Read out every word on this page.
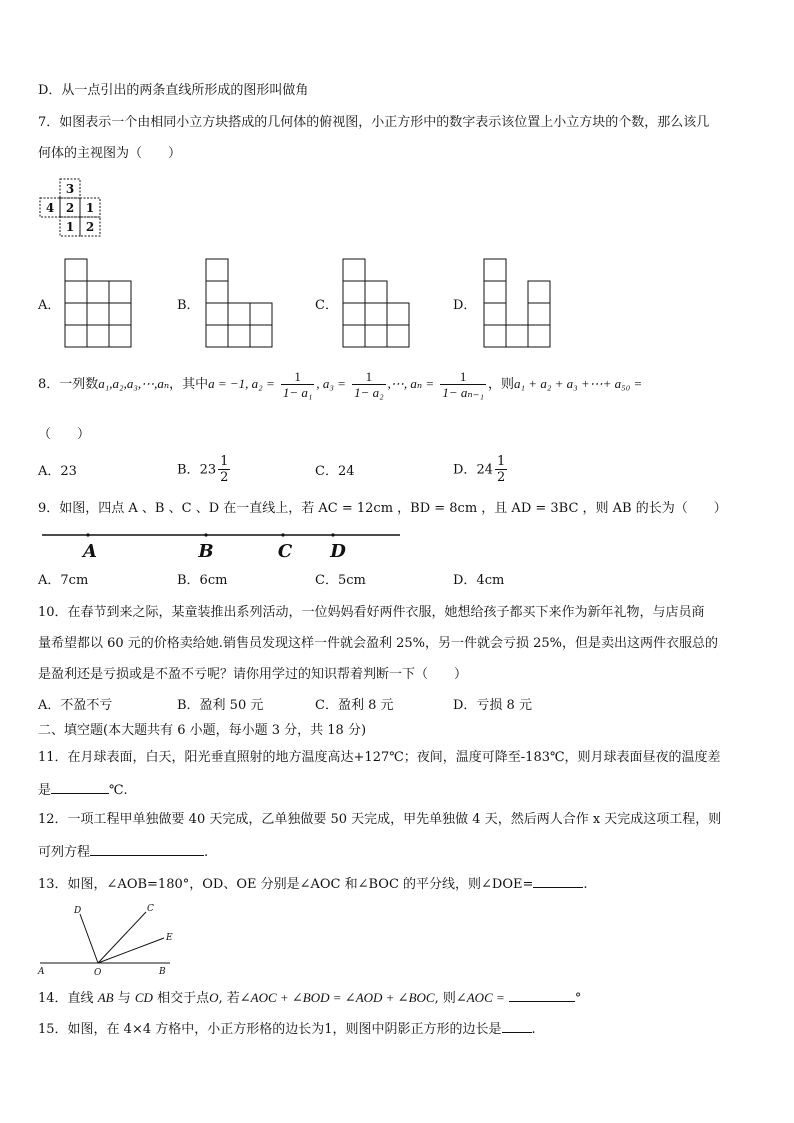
D．从一点引出的两条直线所形成的图形叫做角
7．如图表示一个由相同小立方块搭成的几何体的俯视图，小正方形中的数字表示该位置上小立方块的个数，那么该几
何体的主视图为（　　）
3
4 2 1
1 2
A．	B．	C．	D．
8．一列数a₁,a₂,a₃,⋯,aₙ，其中a = −1, $a_2 = \frac{1}{\text{1− a₁}}$ , $a_3 = \frac{1}{\text{1− a₂}}$ ,⋯, $a_n = \frac{1}{\text{1− aₙ₋₁}}$ ，则a₁ + a₂ + a₃ +⋯+ a₅₀ =
（　　）
A．23	B．$23 \frac{1}{2}$	C．24	D．$24 \frac{1}{2}$
9．如图，四点 A 、B 、C 、D 在一直线上，若 AC = 12cm ，BD = 8cm ，且 AD = 3BC ，则 AB 的长为（　　）
A	B	C D
A．7cm	B．6cm	C．5cm	D．4cm
10．在春节到来之际，某童装推出系列活动，一位妈妈看好两件衣服，她想给孩子都买下来作为新年礼物，与店员商
量希望都以 60 元的价格卖给她.销售员发现这样一件就会盈利 25%，另一件就会亏损 25%，但是卖出这两件衣服总的
是盈利还是亏损或是不盈不亏呢？请你用学过的知识帮着判断一下（　　）
A．不盈不亏	B．盈利 50 元	C．盈利 8 元	D．亏损 8 元
二、填空题(本大题共有 6 小题，每小题 3 分，共 18 分)
11．在月球表面，白天，阳光垂直照射的地方温度高达+127℃；夜间，温度可降至-183℃，则月球表面昼夜的温度差
是	℃.
12．一项工程甲单独做要 40 天完成，乙单独做要 50 天完成，甲先单独做 4 天，然后两人合作 x 天完成这项工程，则
可列方程	.
13．如图，∠AOB=180°，OD、OE 分别是∠AOC 和∠BOC 的平分线，则∠DOE=	.
D	C
E
A	O	B
14．直线 AB 与 CD 相交于点O, 若∠AOC + ∠BOD = ∠AOD + ∠BOC, 则∠AOC =	°
15．如图，在 4×4 方格中，小正方形格的边长为1，则图中阴影正方形的边长是 .
